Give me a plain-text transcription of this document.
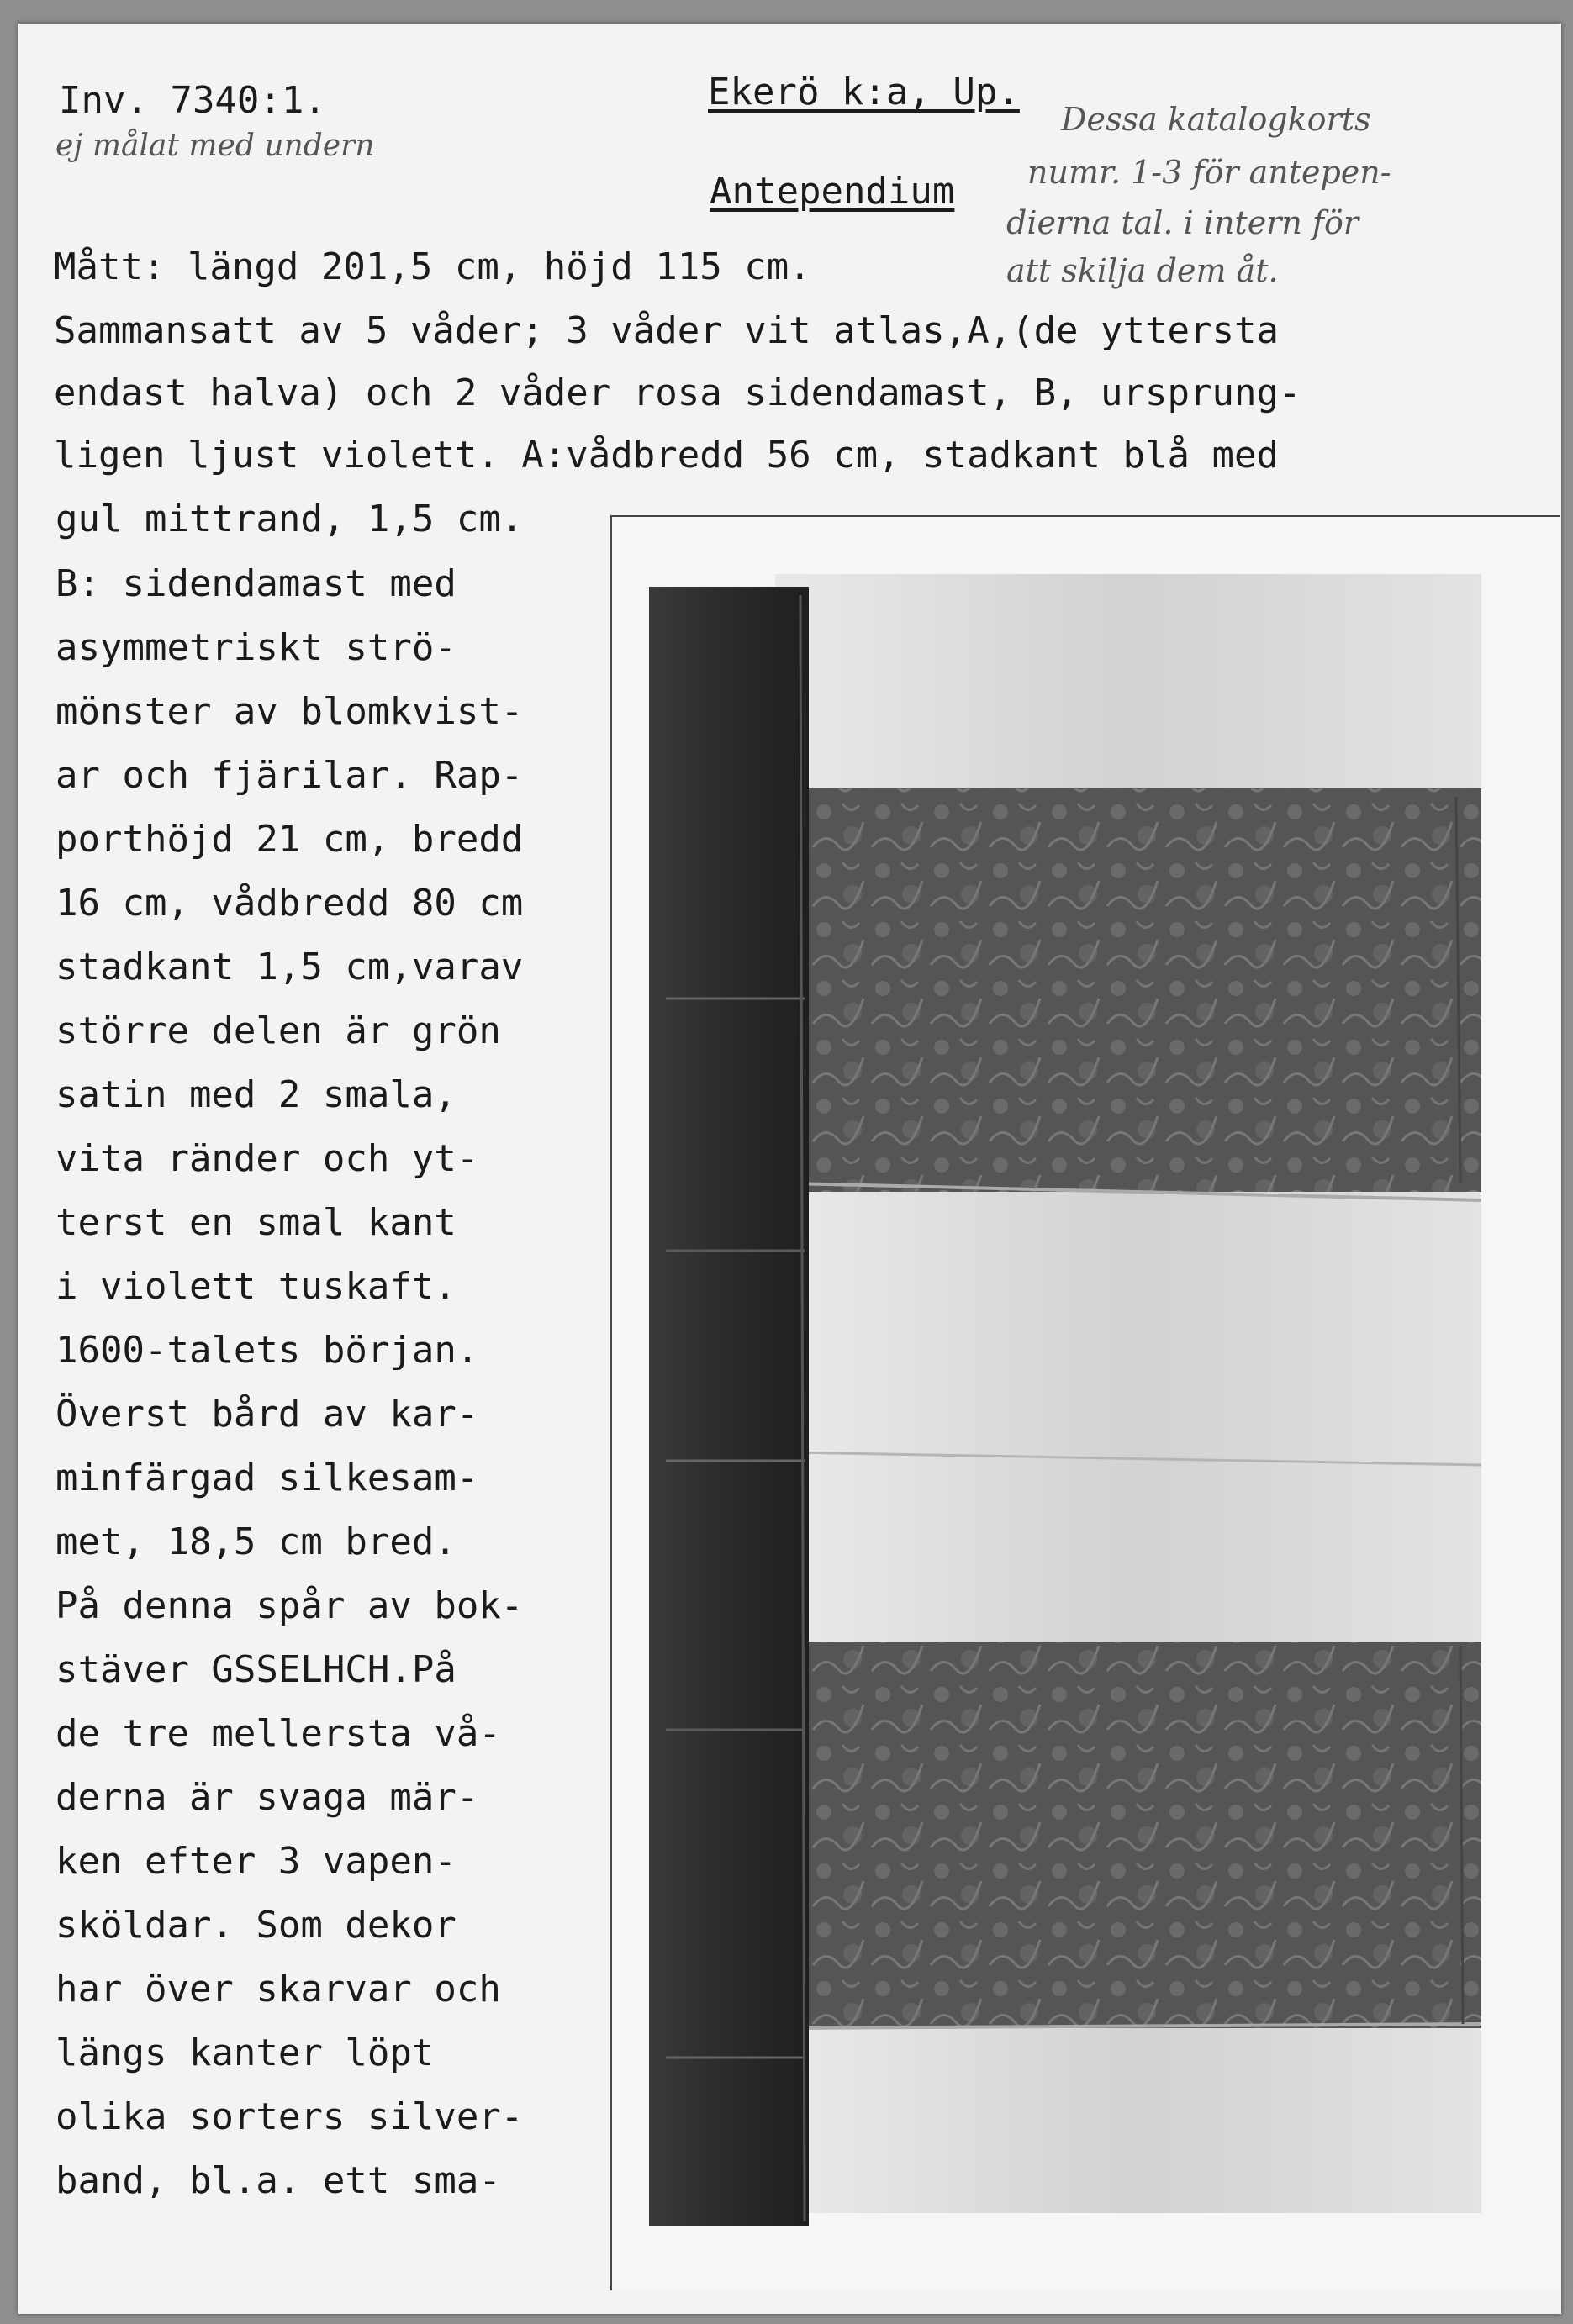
Inv. 7340:1.	Ekerö k:a, Up.

Antependium

ej målat med undern

Dessa katalogkorts

numr. 1-3 för antepen-

dierna tal. i intern för

att skilja dem åt.

Mått: längd 201,5 cm, höjd 115 cm.

Sammansatt av 5 våder; 3 våder vit atlas,A,(de yttersta

endast halva) och 2 våder rosa sidendamast, B, ursprung-

ligen ljust violett. A:vådbredd 56 cm, stadkant blå med

gul mittrand, 1,5 cm.

B: sidendamast med

asymmetriskt strö-

mönster av blomkvist-

ar och fjärilar. Rap-

porthöjd 21 cm, bredd

16 cm, vådbredd 80 cm

stadkant 1,5 cm,varav

större delen är grön

satin med 2 smala,

vita ränder och yt-

terst en smal kant

i violett tuskaft.

1600-talets början.

Överst bård av kar-

minfärgad silkesam-

met, 18,5 cm bred.

På denna spår av bok-

stäver GSSELHCH.På

de tre mellersta vå-

derna är svaga mär-

ken efter 3 vapen-

sköldar. Som dekor

har över skarvar och

längs kanter löpt

olika sorters silver-

band, bl.a. ett sma-
